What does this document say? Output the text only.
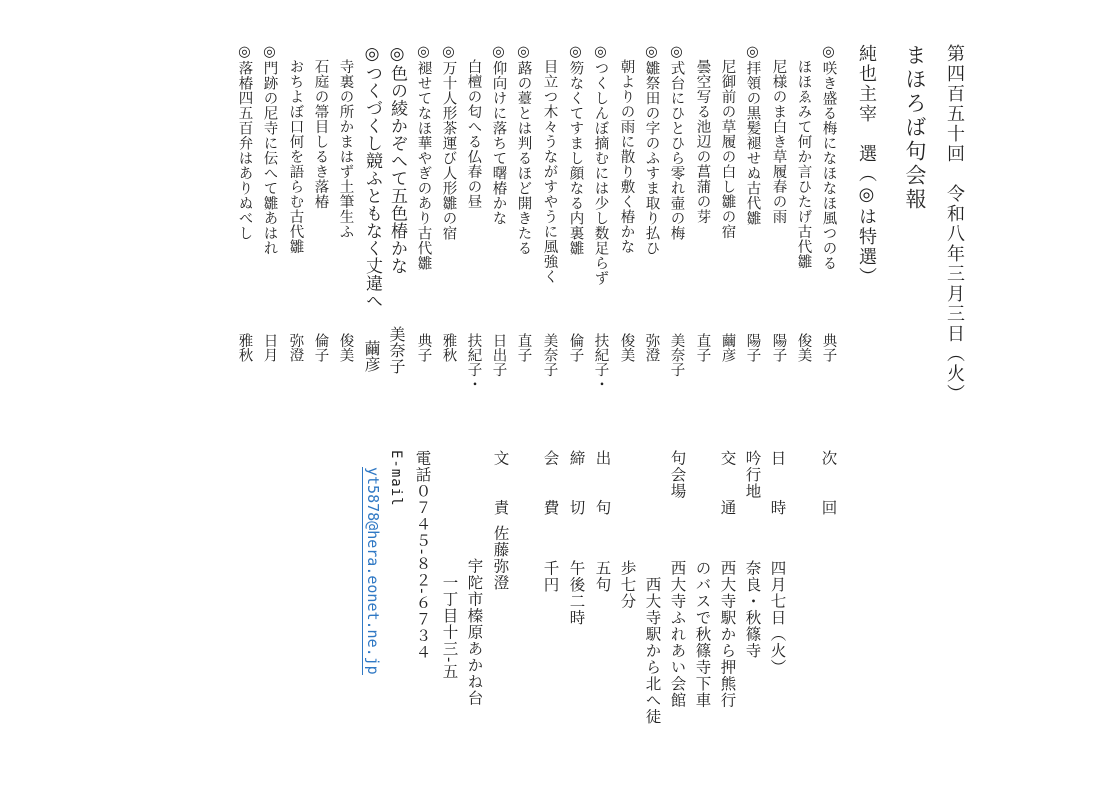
第四百五十回　令和八年三月三日（火）
まほろば句会報
純也主宰　選（◎は特選）
◎咲き盛る梅になほなほ風つのる
典子
　ほほゑみて何か言ひたげ古代雛
俊美
　尼様のま白き草履春の雨
陽子
◎拝領の黒髪褪せぬ古代雛
陽子
　尼御前の草履の白し雛の宿
繭彦
　曇空写る池辺の菖蒲の芽
直子
◎式台にひとひら零れ壷の梅
美奈子
◎雛祭田の字のふすま取り払ひ
弥澄
　朝よりの雨に散り敷く椿かな
俊美
◎つくしんぼ摘むには少し数足らず
扶紀子・
◎笏なくてすまし顔なる内裏雛
倫子
　目立つ木々うながすやうに風強く
美奈子
◎蕗の薹とは判るほど開きたる
直子
◎仰向けに落ちて曙椿かな
日出子
　白檀の匂へる仏春の昼
扶紀子・
◎万十人形茶運び人形雛の宿
雅秋
◎褪せてなほ華やぎのあり古代雛
典子
◎色の綾かぞへて五色椿かな
美奈子
◎つくづくし競ふともなく丈違へ
繭彦
　寺裏の所かまはず土筆生ふ
俊美
　石庭の箒目しるき落椿
倫子
　おちよぼ口何を語らむ古代雛
弥澄
◎門跡の尼寺に伝へて雛あはれ
日月
◎落椿四五百弁はありぬべし
雅秋
次　　回
日　　時
四月七日（火）
吟行地
奈良・秋篠寺
交　　通
西大寺駅から押熊行
のバスで秋篠寺下車
句会場
西大寺ふれあい会館
　西大寺駅から北へ徒
歩七分
出　　句
五句
締　　切
午後二時
会　　費
千円
文　　責
佐藤弥澄
　　宇陀市榛原あかね台
　　　一丁目十三-五
電話０７４５-８２-６７３４
E-mail
yt5878@hera.eonet.ne.jp
